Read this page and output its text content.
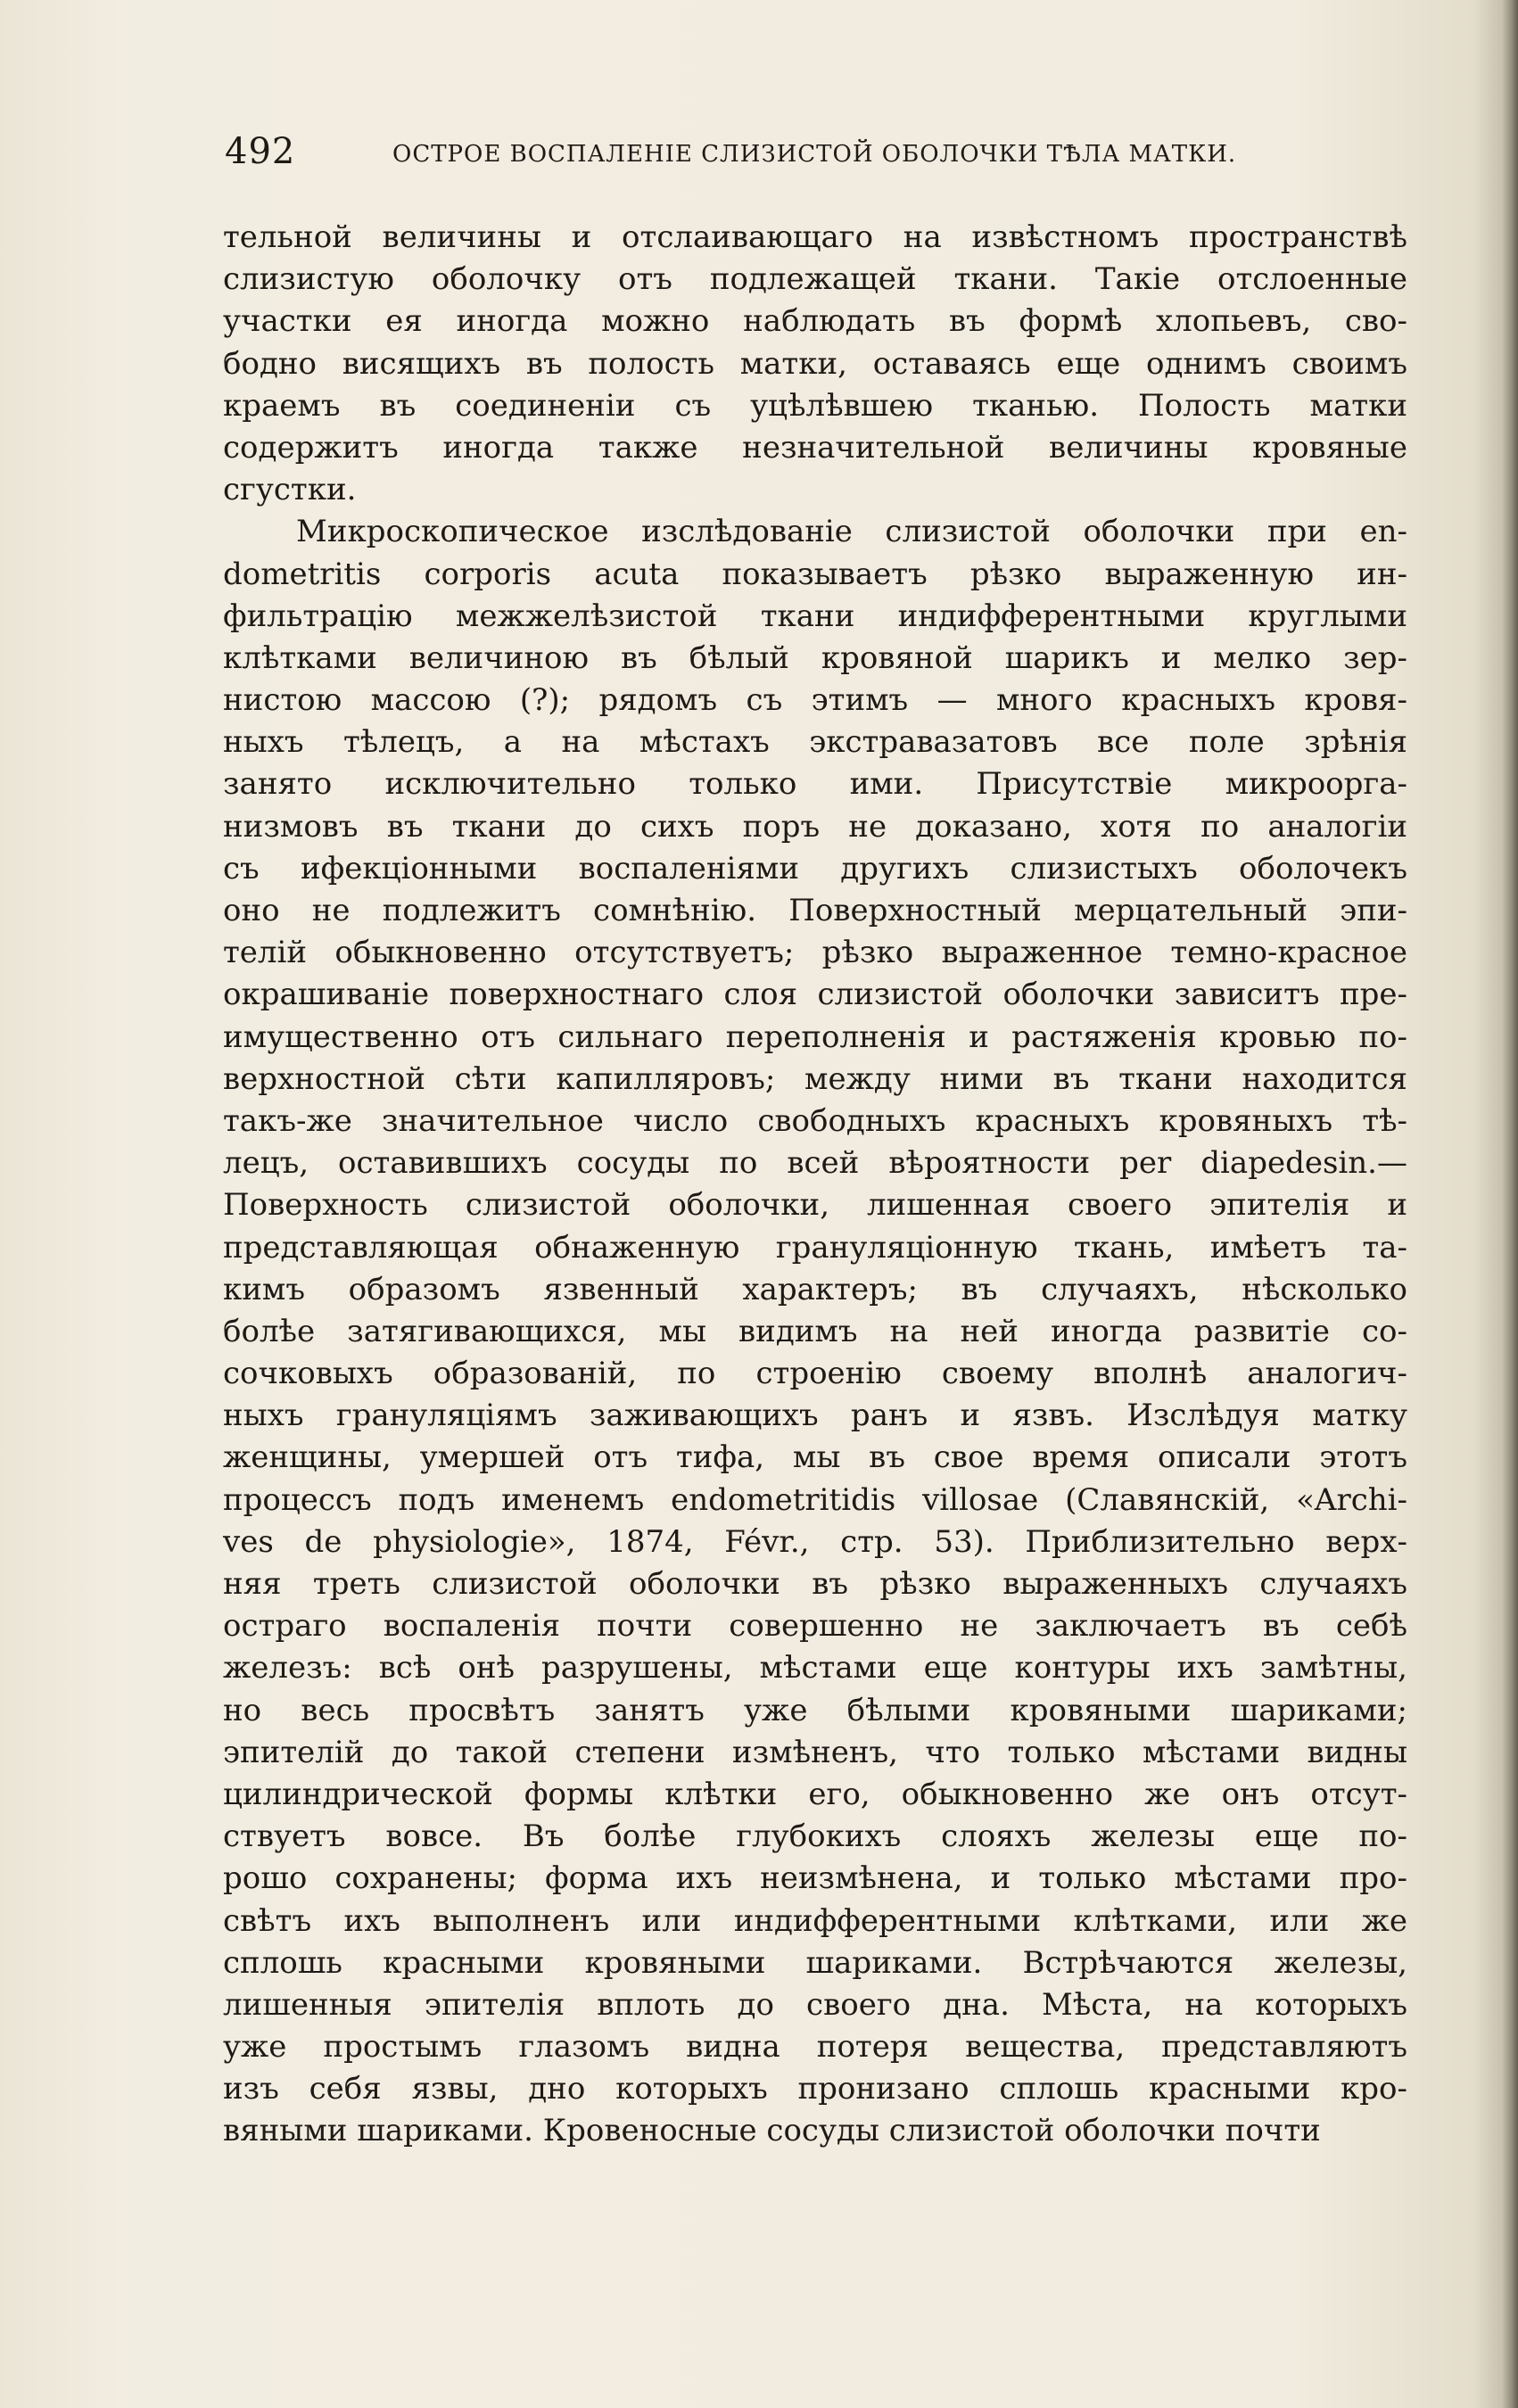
492	ОСТРОЕ ВОСПАЛЕНІЕ СЛИЗИСТОЙ ОБОЛОЧКИ ТѢЛА МАТКИ.
тельной величины и отслаивающаго на извѣстномъ пространствѣ
слизистую оболочку отъ подлежащей ткани. Такіе отслоенные
участки ея иногда можно наблюдать въ формѣ хлопьевъ, сво-
бодно висящихъ въ полость матки, оставаясь еще однимъ своимъ
краемъ въ соединеніи съ уцѣлѣвшею тканью. Полость матки
содержитъ иногда также незначительной величины кровяные
сгустки.
Микроскопическое изслѣдованіе слизистой оболочки при en-
dometritis corporis acuta показываетъ рѣзко выраженную ин-
фильтрацію межжелѣзистой ткани индифферентными круглыми
клѣтками величиною въ бѣлый кровяной шарикъ и мелко зер-
нистою массою (?); рядомъ съ этимъ — много красныхъ кровя-
ныхъ тѣлецъ, а на мѣстахъ экстравазатовъ все поле зрѣнія
занято исключительно только ими. Присутствіе микроорга-
низмовъ въ ткани до сихъ поръ не доказано, хотя по аналогіи
съ ифекціонными воспаленіями другихъ слизистыхъ оболочекъ
оно не подлежитъ сомнѣнію. Поверхностный мерцательный эпи-
телій обыкновенно отсутствуетъ; рѣзко выраженное темно-красное
окрашиваніе поверхностнаго слоя слизистой оболочки зависитъ пре-
имущественно отъ сильнаго переполненія и растяженія кровью по-
верхностной сѣти капилляровъ; между ними въ ткани находится
такъ-же значительное число свободныхъ красныхъ кровяныхъ тѣ-
лецъ, оставившихъ сосуды по всей вѣроятности per diapedesin.—
Поверхность слизистой оболочки, лишенная своего эпителія и
представляющая обнаженную грануляціонную ткань, имѣетъ та-
кимъ образомъ язвенный характеръ; въ случаяхъ, нѣсколько
болѣе затягивающихся, мы видимъ на ней иногда развитіе со-
сочковыхъ образованій, по строенію своему вполнѣ аналогич-
ныхъ грануляціямъ заживающихъ ранъ и язвъ. Изслѣдуя матку
женщины, умершей отъ тифа, мы въ свое время описали этотъ
процессъ подъ именемъ endometritidis villosae (Славянскій, «Archi-
ves de physiologie», 1874, Févr., стр. 53). Приблизительно верх-
няя треть слизистой оболочки въ рѣзко выраженныхъ случаяхъ
остраго воспаленія почти совершенно не заключаетъ въ себѣ
железъ: всѣ онѣ разрушены, мѣстами еще контуры ихъ замѣтны,
но весь просвѣтъ занятъ уже бѣлыми кровяными шариками;
эпителій до такой степени измѣненъ, что только мѣстами видны
цилиндрической формы клѣтки его, обыкновенно же онъ отсут-
ствуетъ вовсе. Въ болѣе глубокихъ слояхъ железы еще по-
рошо сохранены; форма ихъ неизмѣнена, и только мѣстами про-
свѣтъ ихъ выполненъ или индифферентными клѣтками, или же
сплошь красными кровяными шариками. Встрѣчаются железы,
лишенныя эпителія вплоть до своего дна. Мѣста, на которыхъ
уже простымъ глазомъ видна потеря вещества, представляютъ
изъ себя язвы, дно которыхъ пронизано сплошь красными кро-
вяными шариками. Кровеносные сосуды слизистой оболочки почти
